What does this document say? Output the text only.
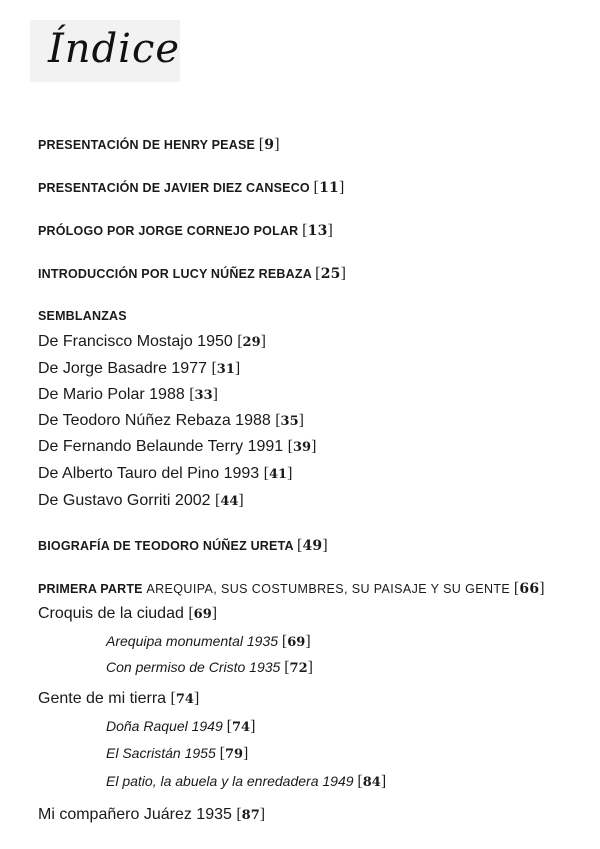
Índice
PRESENTACIÓN DE HENRY PEASE [9]
PRESENTACIÓN DE JAVIER DIEZ CANSECO [11]
PRÓLOGO POR JORGE CORNEJO POLAR [13]
INTRODUCCIÓN POR LUCY NÚÑEZ REBAZA [25]
SEMBLANZAS
De Francisco Mostajo 1950 [29]
De Jorge Basadre 1977 [31]
De Mario Polar 1988 [33]
De Teodoro Núñez Rebaza 1988 [35]
De Fernando Belaunde Terry 1991 [39]
De Alberto Tauro del Pino 1993 [41]
De Gustavo Gorriti 2002 [44]
BIOGRAFÍA DE TEODORO NÚÑEZ URETA [49]
PRIMERA PARTE AREQUIPA, SUS COSTUMBRES, SU PAISAJE Y SU GENTE [66]
Croquis de la ciudad [69]
Arequipa monumental 1935 [69]
Con permiso de Cristo 1935 [72]
Gente de mi tierra [74]
Doña Raquel 1949 [74]
El Sacristán 1955 [79]
El patio, la abuela y la enredadera 1949 [84]
Mi compañero Juárez 1935 [87]
